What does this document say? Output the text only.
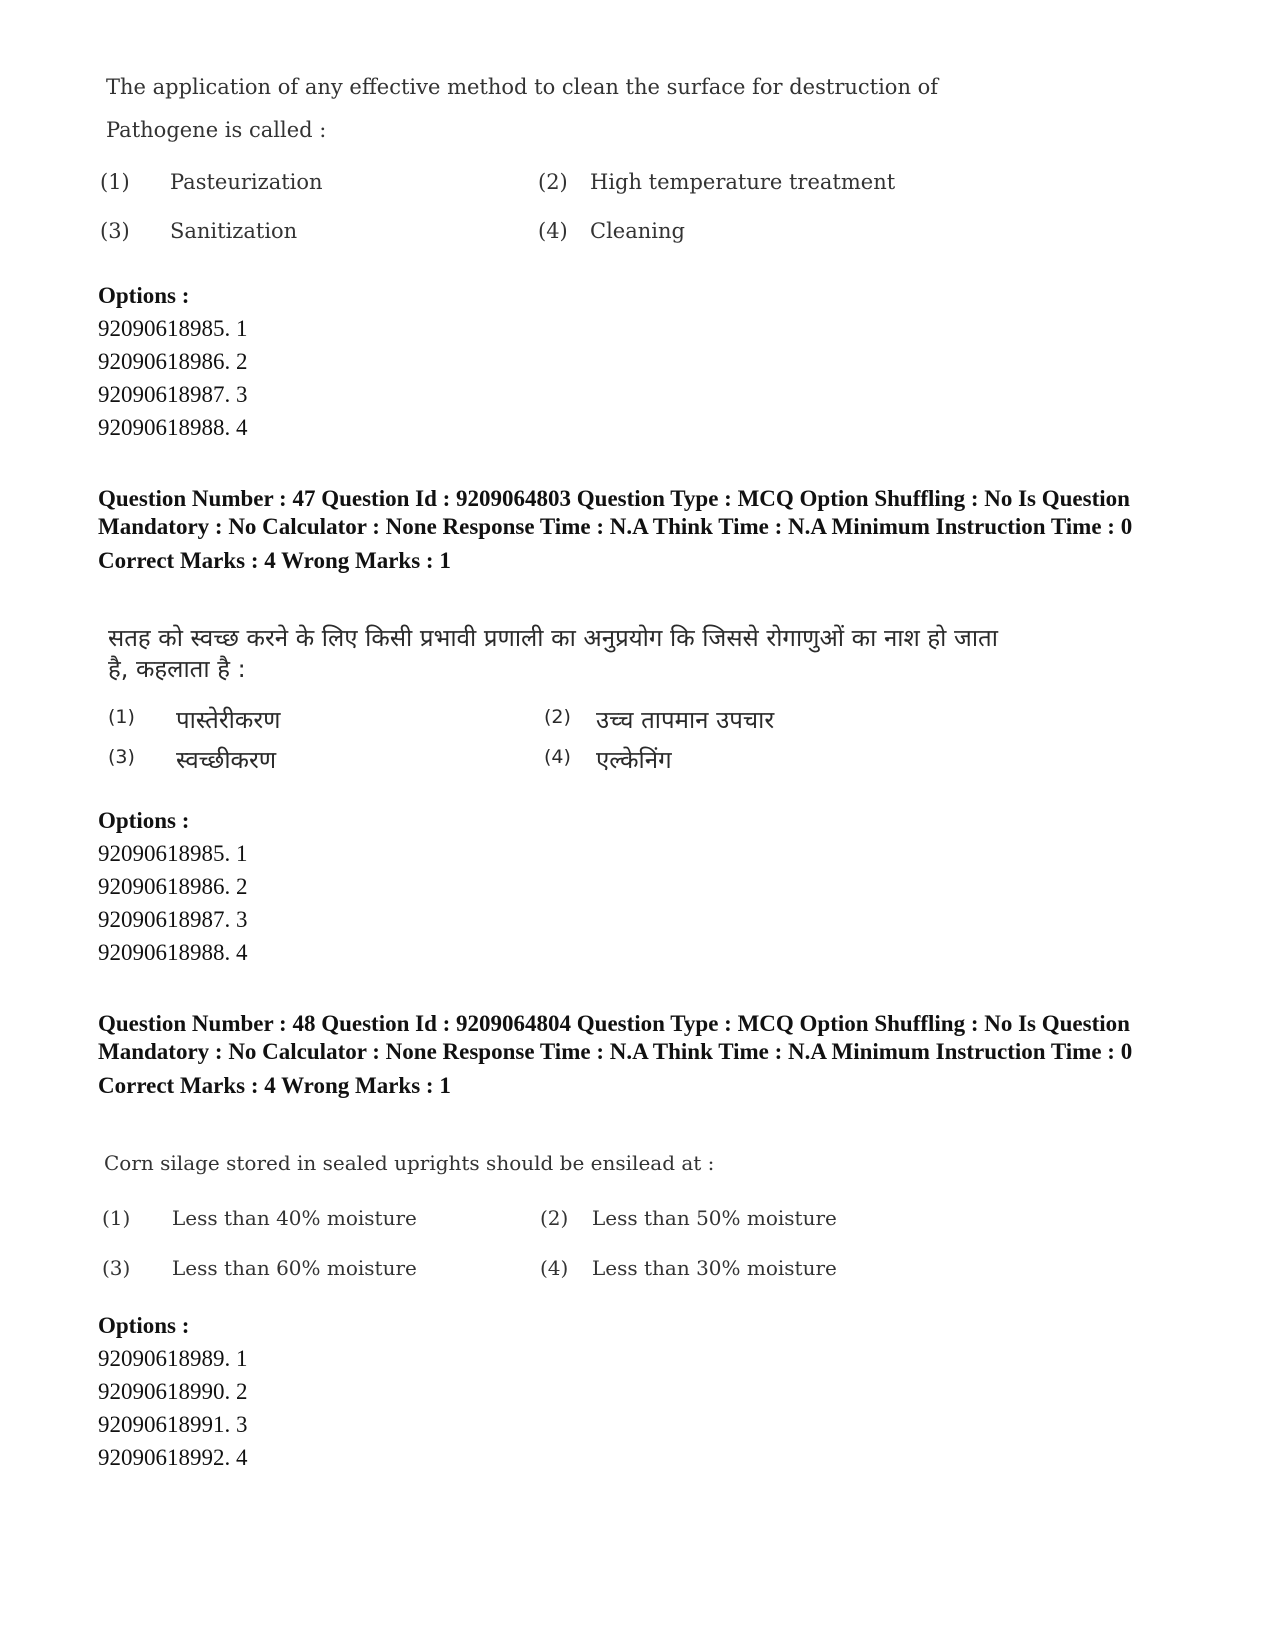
The application of any effective method to clean the surface for destruction of Pathogene is called :
(1)	Pasteurization	(2)	High temperature treatment
(3)	Sanitization	(4)	Cleaning
Options :
92090618985. 1
92090618986. 2
92090618987. 3
92090618988. 4
Question Number : 47 Question Id : 9209064803 Question Type : MCQ Option Shuffling : No Is Question Mandatory : No Calculator : None Response Time : N.A Think Time : N.A Minimum Instruction Time : 0
Correct Marks : 4 Wrong Marks : 1
सतह को स्वच्छ करने के लिए किसी प्रभावी प्रणाली का अनुप्रयोग कि जिससे रोगाणुओं का नाश हो जाता है, कहलाता है :
(1)	पास्तेरीकरण	(2)	उच्च तापमान उपचार
(3)	स्वच्छीकरण	(4)	एल्केनिंग
Options :
92090618985. 1
92090618986. 2
92090618987. 3
92090618988. 4
Question Number : 48 Question Id : 9209064804 Question Type : MCQ Option Shuffling : No Is Question Mandatory : No Calculator : None Response Time : N.A Think Time : N.A Minimum Instruction Time : 0
Correct Marks : 4 Wrong Marks : 1
Corn silage stored in sealed uprights should be ensilead at :
(1)	Less than 40% moisture	(2)	Less than 50% moisture
(3)	Less than 60% moisture	(4)	Less than 30% moisture
Options :
92090618989. 1
92090618990. 2
92090618991. 3
92090618992. 4
